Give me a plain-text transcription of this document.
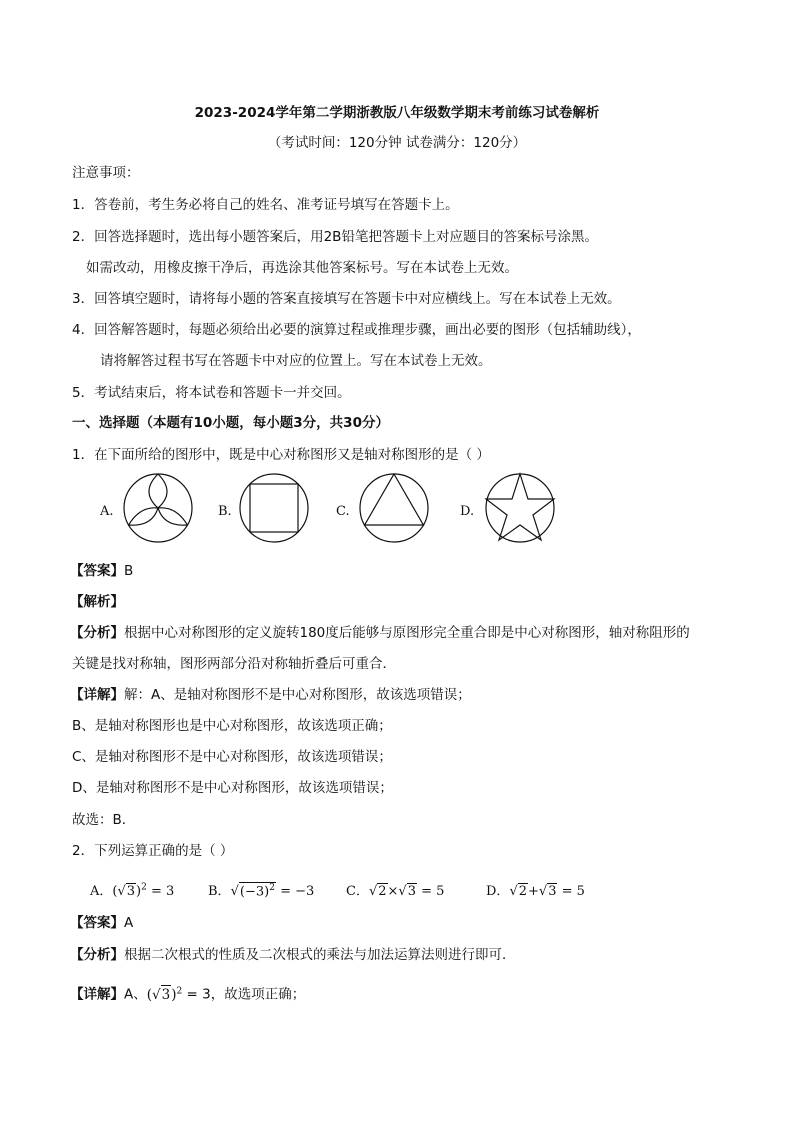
2023-2024学年第二学期浙教版八年级数学期末考前练习试卷解析
（考试时间：120分钟 试卷满分：120分）
注意事项：
1．答卷前，考生务必将自己的姓名、准考证号填写在答题卡上。
2．回答选择题时，选出每小题答案后，用2B铅笔把答题卡上对应题目的答案标号涂黑。
如需改动，用橡皮擦干净后，再选涂其他答案标号。写在本试卷上无效。
3．回答填空题时，请将每小题的答案直接填写在答题卡中对应横线上。写在本试卷上无效。
4．回答解答题时，每题必须给出必要的演算过程或推理步骤，画出必要的图形（包括辅助线），
请将解答过程书写在答题卡中对应的位置上。写在本试卷上无效。
5．考试结束后，将本试卷和答题卡一并交回。
一、选择题（本题有10小题，每小题3分，共30分）
1．在下面所给的图形中，既是中心对称图形又是轴对称图形的是（ ）
A.	B.	C.	D.
【答案】B
【解析】
【分析】根据中心对称图形的定义旋转180度后能够与原图形完全重合即是中心对称图形，轴对称阻形的
关键是找对称轴，图形两部分沿对称轴折叠后可重合．
【详解】解：A、是轴对称图形不是中心对称图形，故该选项错误；
B、是轴对称图形也是中心对称图形，故该选项正确；
C、是轴对称图形不是中心对称图形，故该选项错误；
D、是轴对称图形不是中心对称图形，故该选项错误；
故选：B．
2．下列运算正确的是（ ）
A．$(√3)^2 = 3$	B．$√(-3)^2 = -3$ C．√2×√3 = 5	D．√2+√3 = 5
【答案】A
【分析】根据二次根式的性质及二次根式的乘法与加法运算法则进行即可．
【详解】A、$(√3)^2 = 3$，故选项正确；
